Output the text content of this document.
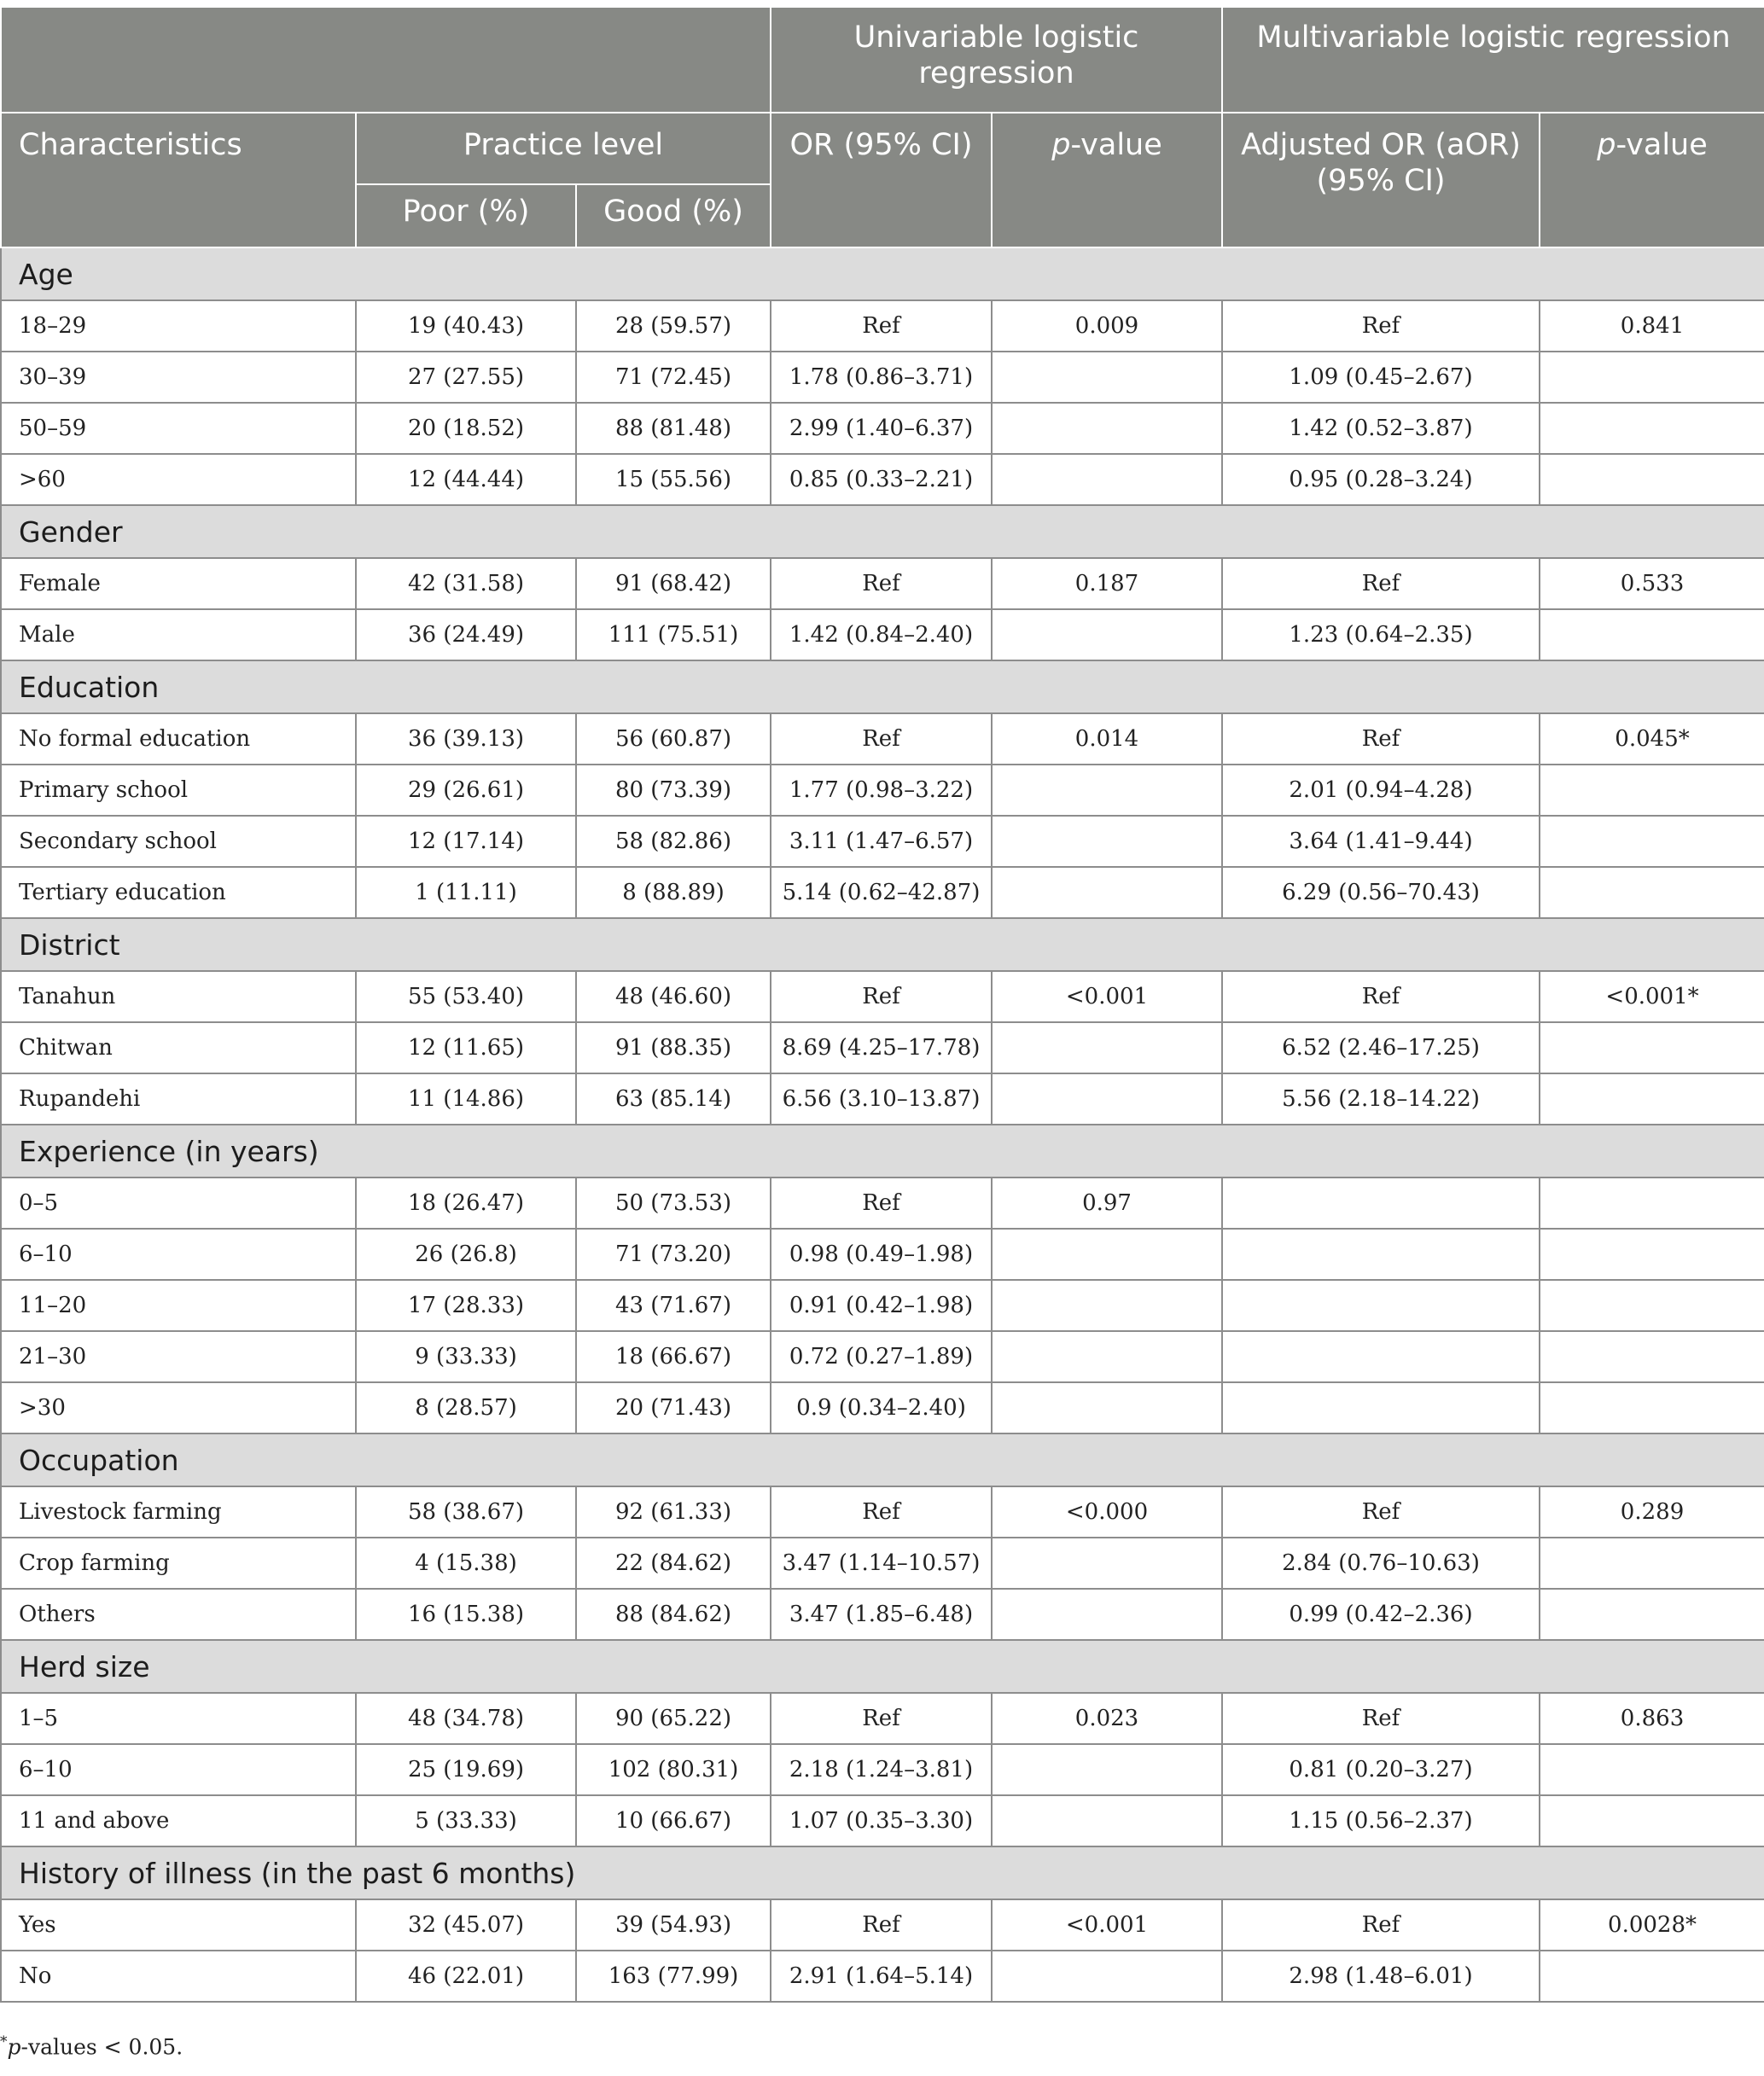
			Univariable logistic regression		Multivariable logistic regression	
Characteristics	Practice level		OR (95% CI)	p-value	Adjusted OR (aOR) (95% CI)	p-value
	Poor (%)	Good (%)				
Age						
18–29	19 (40.43)	28 (59.57)	Ref	0.009	Ref	0.841
30–39	27 (27.55)	71 (72.45)	1.78 (0.86–3.71)		1.09 (0.45–2.67)	
50–59	20 (18.52)	88 (81.48)	2.99 (1.40–6.37)		1.42 (0.52–3.87)	
>60	12 (44.44)	15 (55.56)	0.85 (0.33–2.21)		0.95 (0.28–3.24)	
Gender						
Female	42 (31.58)	91 (68.42)	Ref	0.187	Ref	0.533
Male	36 (24.49)	111 (75.51)	1.42 (0.84–2.40)		1.23 (0.64–2.35)	
Education						
No formal education	36 (39.13)	56 (60.87)	Ref	0.014	Ref	0.045*
Primary school	29 (26.61)	80 (73.39)	1.77 (0.98–3.22)		2.01 (0.94–4.28)	
Secondary school	12 (17.14)	58 (82.86)	3.11 (1.47–6.57)		3.64 (1.41–9.44)	
Tertiary education	1 (11.11)	8 (88.89)	5.14 (0.62–42.87)		6.29 (0.56–70.43)	
District						
Tanahun	55 (53.40)	48 (46.60)	Ref	<0.001	Ref	<0.001*
Chitwan	12 (11.65)	91 (88.35)	8.69 (4.25–17.78)		6.52 (2.46–17.25)	
Rupandehi	11 (14.86)	63 (85.14)	6.56 (3.10–13.87)		5.56 (2.18–14.22)	
Experience (in years)						
0–5	18 (26.47)	50 (73.53)	Ref	0.97		
6–10	26 (26.8)	71 (73.20)	0.98 (0.49–1.98)			
11–20	17 (28.33)	43 (71.67)	0.91 (0.42–1.98)			
21–30	9 (33.33)	18 (66.67)	0.72 (0.27–1.89)			
>30	8 (28.57)	20 (71.43)	0.9 (0.34–2.40)			
Occupation						
Livestock farming	58 (38.67)	92 (61.33)	Ref	<0.000	Ref	0.289
Crop farming	4 (15.38)	22 (84.62)	3.47 (1.14–10.57)		2.84 (0.76–10.63)	
Others	16 (15.38)	88 (84.62)	3.47 (1.85–6.48)		0.99 (0.42–2.36)	
Herd size						
1–5	48 (34.78)	90 (65.22)	Ref	0.023	Ref	0.863
6–10	25 (19.69)	102 (80.31)	2.18 (1.24–3.81)		0.81 (0.20–3.27)	
11 and above	5 (33.33)	10 (66.67)	1.07 (0.35–3.30)		1.15 (0.56–2.37)	
History of illness (in the past 6 months)						
Yes	32 (45.07)	39 (54.93)	Ref	<0.001	Ref	0.0028*
No	46 (22.01)	163 (77.99)	2.91 (1.64–5.14)		2.98 (1.48–6.01)	
*p-values < 0.05.
